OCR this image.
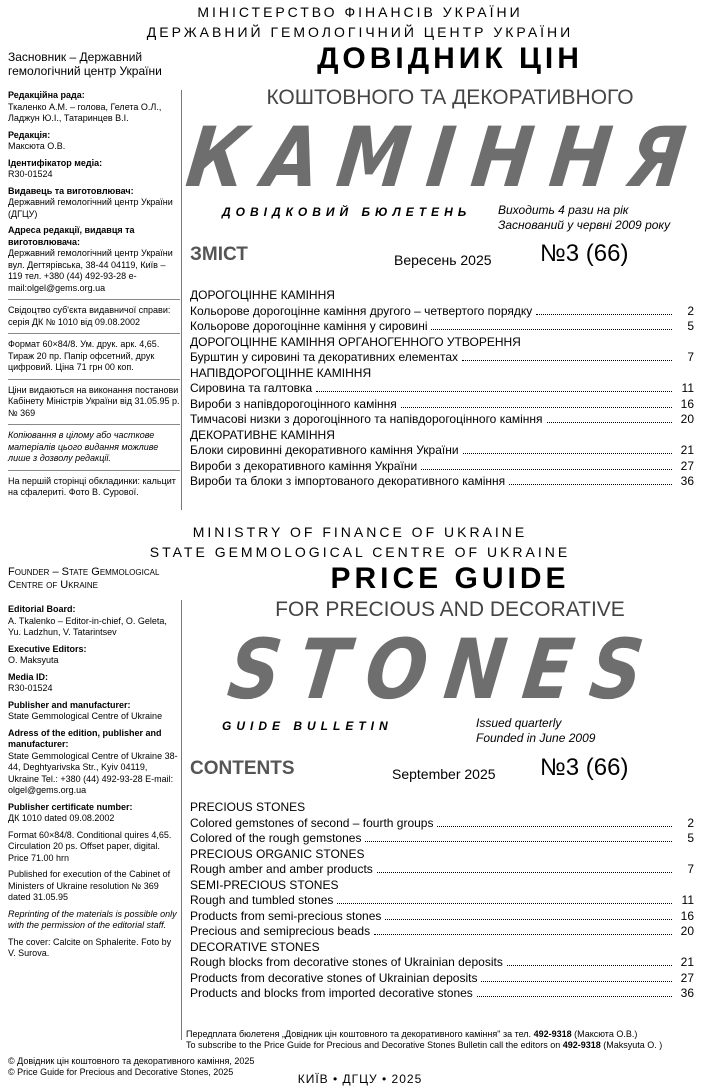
МІНІСТЕРСТВО ФІНАНСІВ УКРАЇНИ
ДЕРЖАВНИЙ ГЕМОЛОГІЧНИЙ ЦЕНТР УКРАЇНИ
ДОВІДНИК ЦІН
КОШТОВНОГО ТА ДЕКОРАТИВНОГО
КАМІННЯ
ДОВІДКОВИЙ БЮЛЕТЕНЬ Виходить 4 рази на рік
Заснований у червні 2009 року
ЗМІСТ	Вересень 2025 №3 (66)
Засновник – Державний гемологічний центр України
Редакційна рада:
Ткаленко А.М. – голова, Гелета О.Л., Ладжун Ю.І., Татаринцев В.І.
Редакція:
Максюта О.В.
Ідентифікатор медіа:
R30-01524
Видавець та виготовлювач:
Державний гемологічний центр України (ДГЦУ)
Адреса редакції, видавця та виготовлювача:
Державний гемологічний центр України вул. Дегтярівська, 38-44 04119, Київ – 119 тел. +380 (44) 492-93-28 e-mail:olgel@gems.org.ua
Свідоцтво суб'єкта видавничої справи: серія ДК № 1010 від 09.08.2002
Формат 60×84/8. Ум. друк. арк. 4,65. Тираж 20 пр. Папір офсетний, друк цифровий. Ціна 71 грн 00 коп.
Ціни видаються на виконання постанови Кабінету Міністрів України від 31.05.95 р. № 369
Копіювання в цілому або часткове матеріалів цього видання можливе лише з дозволу редакції.
На першій сторінці обкладинки: кальцит на сфалериті. Фото В. Сурової.
ДОРОГОЦІННЕ КАМІННЯ
Кольорове дорогоцінне каміння другого – четвертого порядку	2
Кольорове дорогоцінне каміння у сировині	5
ДОРОГОЦІННЕ КАМІННЯ ОРГАНОГЕННОГО УТВОРЕННЯ
Бурштин у сировині та декоративних елементах	7
НАПІВДОРОГОЦІННЕ КАМІННЯ
Сировина та галтовка	11
Вироби з напівдорогоцінного каміння	16
Тимчасові низки з дорогоцінного та напівдорогоцінного каміння	20
ДЕКОРАТИВНЕ КАМІННЯ
Блоки сировинні декоративного каміння України	21
Вироби з декоративного каміння України	27
Вироби та блоки з імпортованого декоративного каміння	36
MINISTRY OF FINANCE OF UKRAINE
STATE GEMMOLOGICAL CENTRE OF UKRAINE
PRICE GUIDE
FOR PRECIOUS AND DECORATIVE
STONES
GUIDE BULLETIN	Issued quarterly
Founded in June 2009
CONTENTS	September 2025 №3 (66)
Founder – State Gemmological Centre of Ukraine
Editorial Board:
A. Tkalenko – Editor-in-chief, O. Geleta, Yu. Ladzhun, V. Tatarintsev
Executive Editors:
O. Maksyuta
Media ID:
R30-01524
Publisher and manufacturer:
State Gemmological Centre of Ukraine
Adress of the edition, publisher and manufacturer:
State Gemmological Centre of Ukraine 38-44, Deghtyarivska Str., Kyiv 04119, Ukraine Tel.: +380 (44) 492-93-28 E-mail: olgel@gems.org.ua
Publisher certificate number:
ДК 1010 dated 09.08.2002
Format 60×84/8. Conditional quires 4,65. Circulation 20 ps. Offset paper, digital. Price 71.00 hrn
Published for execution of the Cabinet of Ministers of Ukraine resolution № 369 dated 31.05.95
Reprinting of the materials is possible only with the permission of the editorial staff.
The cover: Calcite on Sphalerite. Foto by V. Surova.
PRECIOUS STONES
Colored gemstones of second – fourth groups	2
Colored of the rough gemstones	5
PRECIOUS ORGANIC STONES
Rough amber and amber products	7
SEMI-PRECIOUS STONES
Rough and tumbled stones	11
Products from semi-precious stones	16
Precious and semiprecious beads	20
DECORATIVE STONES
Rough blocks from decorative stones of Ukrainian deposits	21
Products from decorative stones of Ukrainian deposits	27
Products and blocks from imported decorative stones	36
Передплата бюлетеня „Довідник цін коштовного та декоративного каміння" за тел. 492-9318 (Максюта О.В.)
To subscribe to the Price Guide for Precious and Decorative Stones Bulletin call the editors on 492-9318 (Maksyuta O. )
© Довідник цін коштовного та декоративного каміння, 2025
© Price Guide for Precious and Decorative Stones, 2025	КИЇВ • ДГЦУ • 2025
